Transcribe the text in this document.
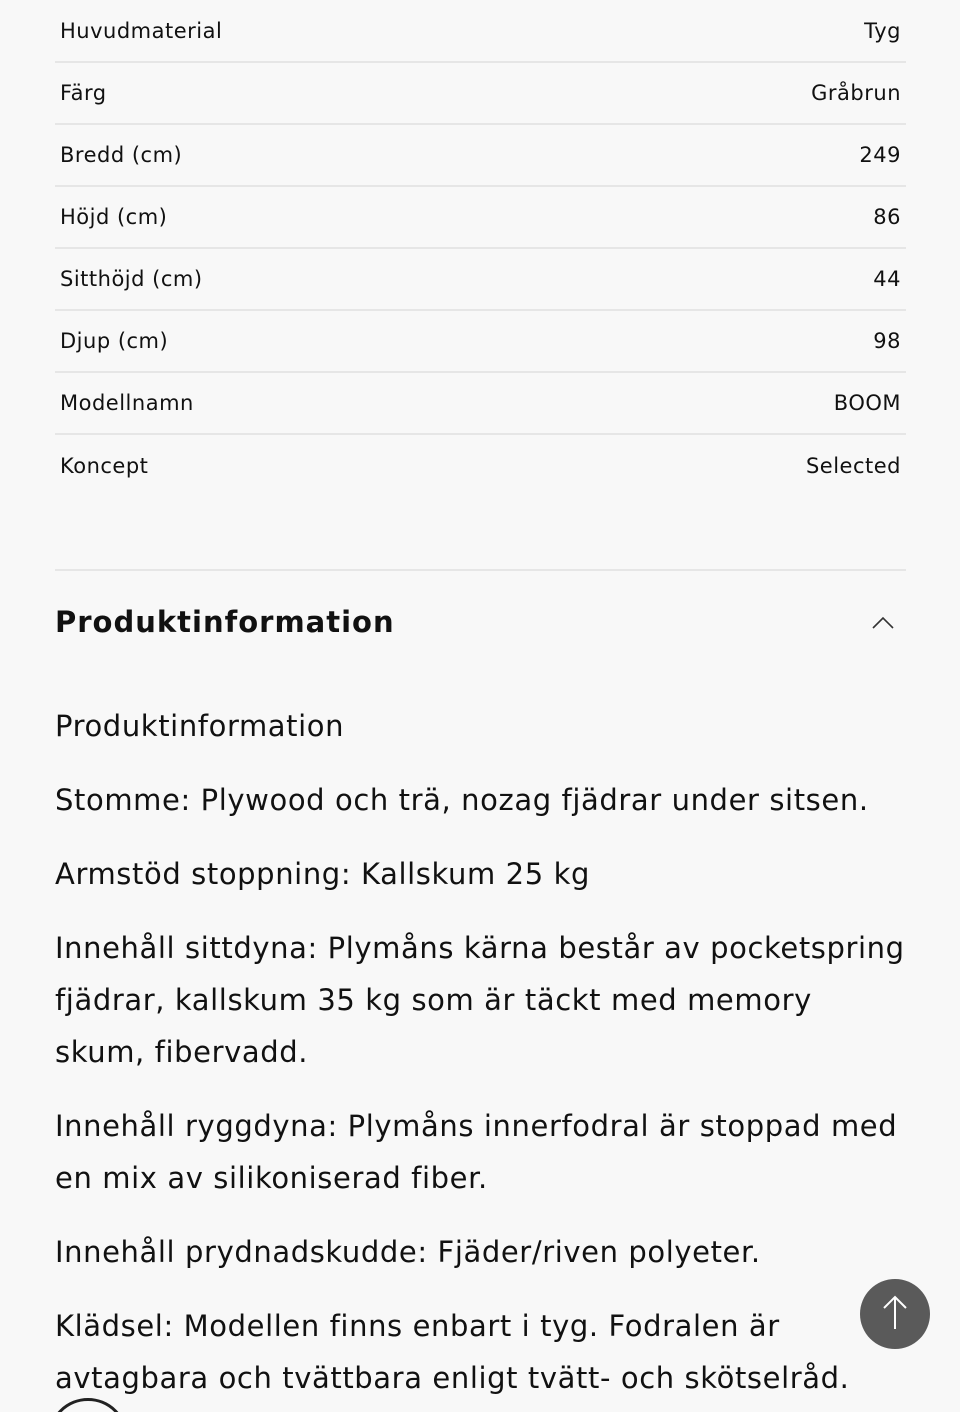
Huvudmaterial	Tyg
Färg	Gråbrun
Bredd (cm)	249
Höjd (cm)	86
Sitthöjd (cm)	44
Djup (cm)	98
Modellnamn	BOOM
Koncept	Selected
Produktinformation

Produktinformation

Stomme: Plywood och trä, nozag fjädrar under sitsen.

Armstöd stoppning: Kallskum 25 kg

Innehåll sittdyna: Plymåns kärna består av pocketspring fjädrar, kallskum 35 kg som är täckt med memory skum, fibervadd.

Innehåll ryggdyna: Plymåns innerfodral är stoppad med en mix av silikoniserad fiber.

Innehåll prydnadskudde: Fjäder/riven polyeter.

Klädsel: Modellen finns enbart i tyg. Fodralen är avtagbara och tvättbara enligt tvätt- och skötselråd.
